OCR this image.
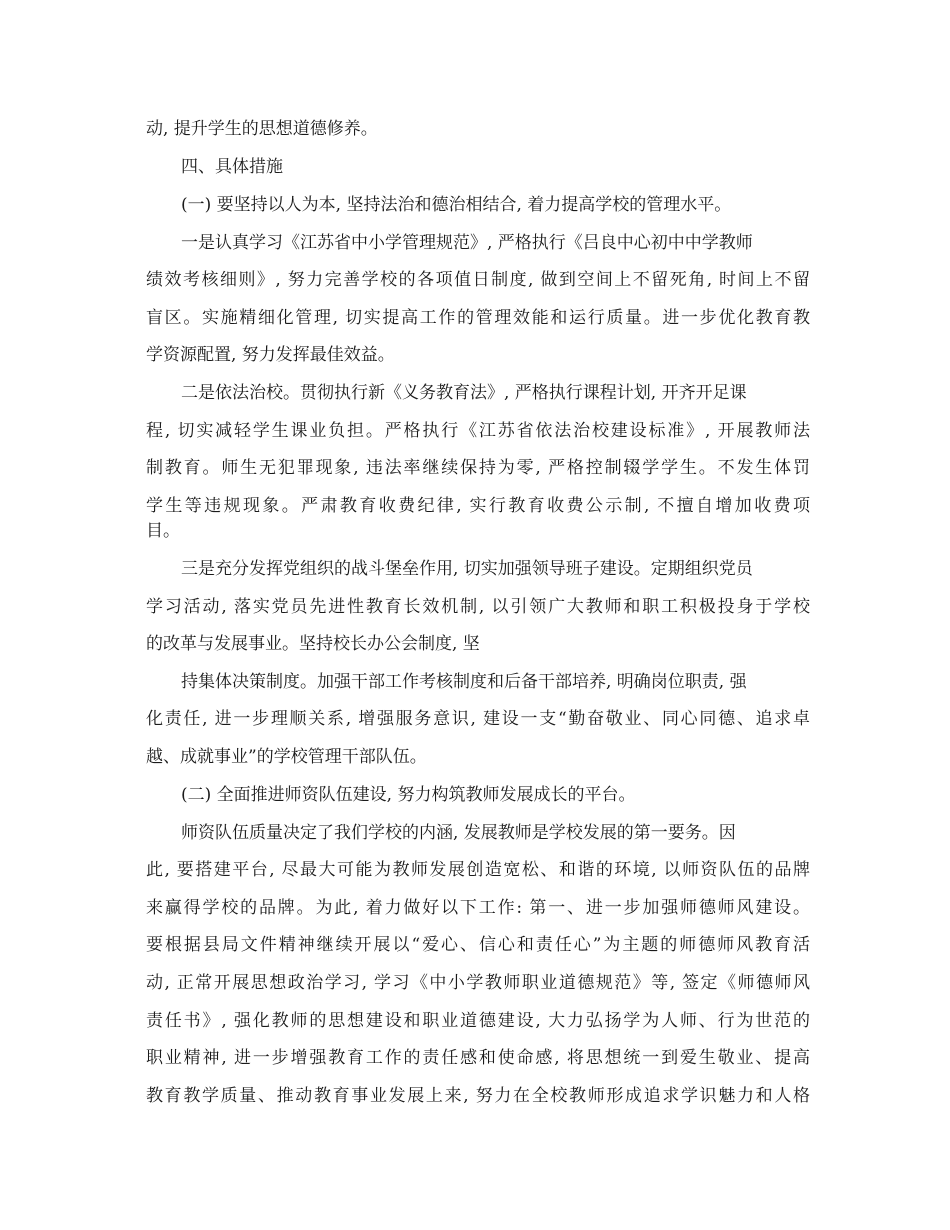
动, 提升学生的思想道德修养。
四、具体措施
(一) 要坚持以人为本, 坚持法治和德治相结合, 着力提高学校的管理水平。
一是认真学习《江苏省中小学管理规范》, 严格执行《吕良中心初中中学教师
绩效考核细则》, 努力完善学校的各项值日制度, 做到空间上不留死角, 时间上不留
盲区。实施精细化管理, 切实提高工作的管理效能和运行质量。进一步优化教育教
学资源配置, 努力发挥最佳效益。
二是依法治校。贯彻执行新《义务教育法》, 严格执行课程计划, 开齐开足课
程, 切实减轻学生课业负担。严格执行《江苏省依法治校建设标准》, 开展教师法
制教育。师生无犯罪现象, 违法率继续保持为零, 严格控制辍学学生。不发生体罚
学生等违规现象。严肃教育收费纪律, 实行教育收费公示制, 不擅自增加收费项
目。
三是充分发挥党组织的战斗堡垒作用, 切实加强领导班子建设。定期组织党员
学习活动, 落实党员先进性教育长效机制, 以引领广大教师和职工积极投身于学校
的改革与发展事业。坚持校长办公会制度, 坚
持集体决策制度。加强干部工作考核制度和后备干部培养, 明确岗位职责, 强
化责任, 进一步理顺关系, 增强服务意识, 建设一支“勤奋敬业、同心同德、追求卓
越、成就事业”的学校管理干部队伍。
(二) 全面推进师资队伍建设, 努力构筑教师发展成长的平台。
师资队伍质量决定了我们学校的内涵, 发展教师是学校发展的第一要务。因
此, 要搭建平台, 尽最大可能为教师发展创造宽松、和谐的环境, 以师资队伍的品牌
来赢得学校的品牌。为此, 着力做好以下工作: 第一、进一步加强师德师风建设。
要根据县局文件精神继续开展以“爱心、信心和责任心”为主题的师德师风教育活
动, 正常开展思想政治学习, 学习《中小学教师职业道德规范》等, 签定《师德师风
责任书》, 强化教师的思想建设和职业道德建设, 大力弘扬学为人师、行为世范的
职业精神, 进一步增强教育工作的责任感和使命感, 将思想统一到爱生敬业、提高
教育教学质量、推动教育事业发展上来, 努力在全校教师形成追求学识魅力和人格
